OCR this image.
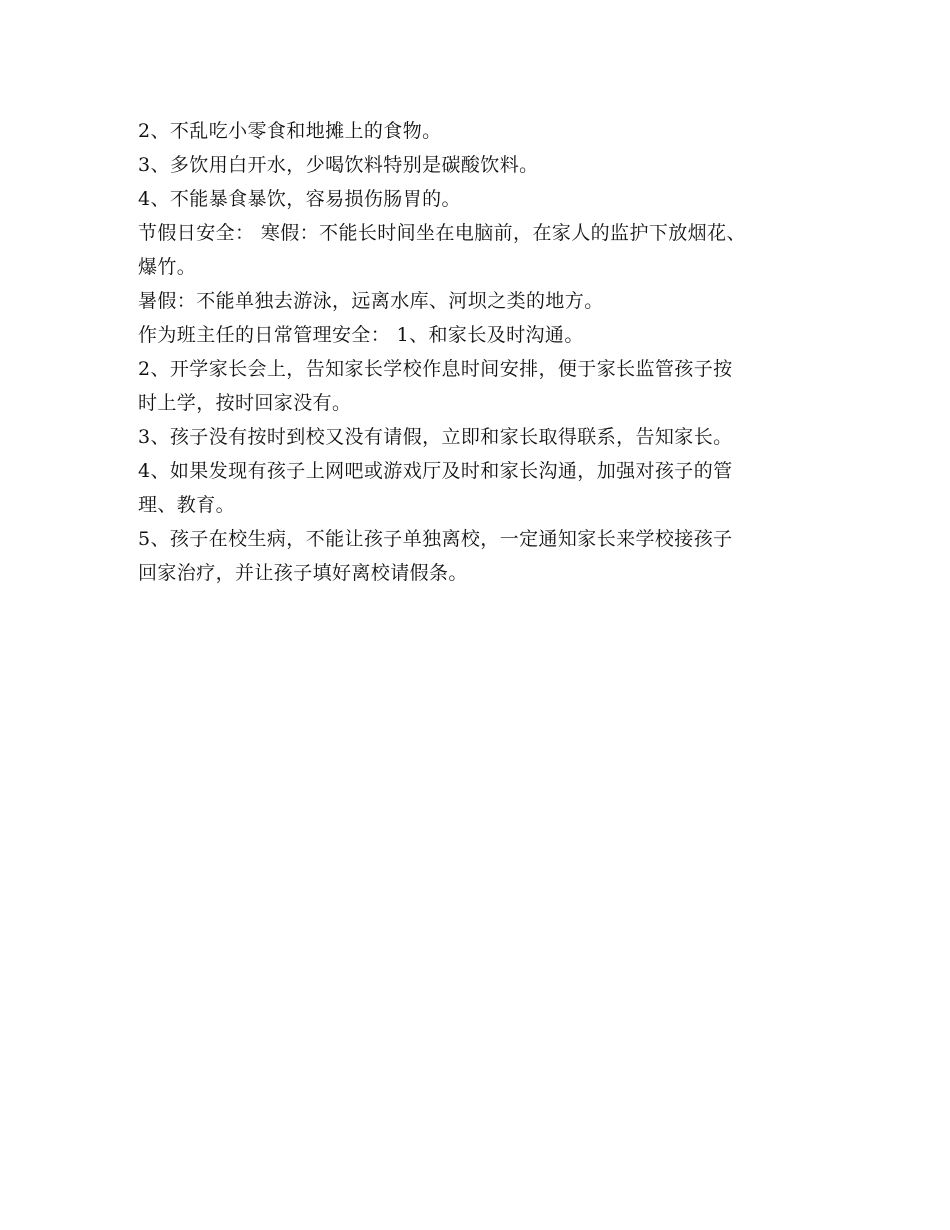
2、不乱吃小零食和地摊上的食物。
3、多饮用白开水，少喝饮料特别是碳酸饮料。
4、不能暴食暴饮，容易损伤肠胃的。
节假日安全： 寒假：不能长时间坐在电脑前，在家人的监护下放烟花、
爆竹。
暑假：不能单独去游泳，远离水库、河坝之类的地方。
作为班主任的日常管理安全： 1、和家长及时沟通。
2、开学家长会上，告知家长学校作息时间安排，便于家长监管孩子按
时上学，按时回家没有。
3、孩子没有按时到校又没有请假，立即和家长取得联系，告知家长。
4、如果发现有孩子上网吧或游戏厅及时和家长沟通，加强对孩子的管
理、教育。
5、孩子在校生病，不能让孩子单独离校，一定通知家长来学校接孩子
回家治疗，并让孩子填好离校请假条。
